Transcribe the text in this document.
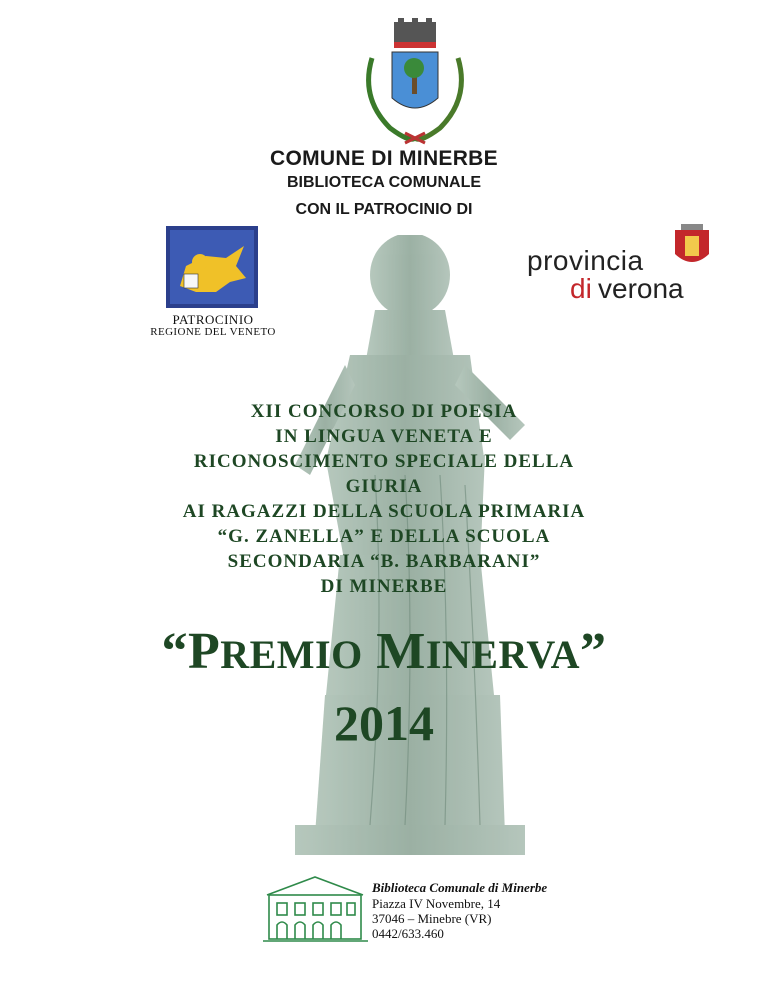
COMUNE DI MINERBE
BIBLIOTECA COMUNALE
CON IL PATROCINIO DI
PATROCINIO
REGIONE DEL VENETO
provincia
di verona
XII CONCORSO DI POESIA
IN LINGUA VENETA E
RICONOSCIMENTO SPECIALE DELLA
GIURIA
AI RAGAZZI DELLA SCUOLA PRIMARIA
“G. ZANELLA” E DELLA SCUOLA
SECONDARIA “B. BARBARANI”
DI MINERBE
“PREMIO MINERVA”
2014
Biblioteca Comunale di Minerbe
Piazza IV Novembre, 14
37046 – Minebre (VR)
0442/633.460
